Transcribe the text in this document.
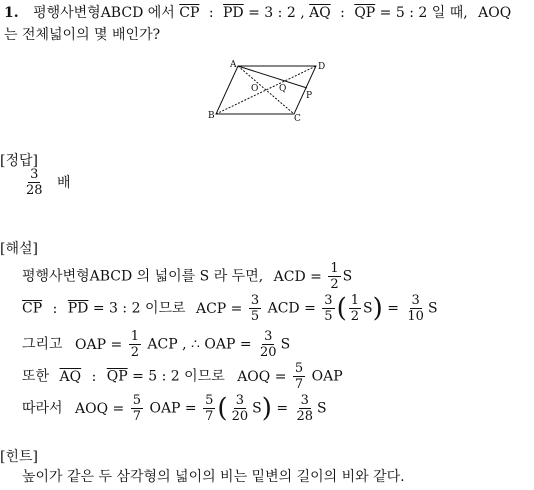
1. 평행사변형ABCD 에서 $\overline{CP}$ : $\overline{PD} = 3$ : 2 , $\overline{AQ}$ : $\overline{QP} = 5$ : 2 일 때, AOQ
는 전체넓이의 몇 배인가?
A	D
B	C
O Q
P
[정답]
$\frac{3}{28}$ 배
[해설]
평행사변형ABCD 의 넓이를 S 라 두면, ACD = $\frac{1}{2}$ S
$\overline{CP}$ : $\overline{PD} = 3$ : 2 이므로 ACP = $\frac{3}{5}$ ACD = $\frac{3}{5}$ ( $\frac{1}{2} S) = \frac{3}{10}$ S
그리고 OAP = $\frac{1}{2}$ ACP , ∴ OAP = $\frac{3}{20}$ S
또한 $\overline{AQ}$ : $\overline{QP} = 5$ : 2 이므로 AOQ = $\frac{5}{7}$ OAP
따라서 AOQ = $\frac{5}{7}$ OAP = $\frac{5}{7}$ ( $\frac{3}{20} S) = \frac{3}{28}$ S
[힌트]
높이가 같은 두 삼각형의 넓이의 비는 밑변의 길이의 비와 같다.
